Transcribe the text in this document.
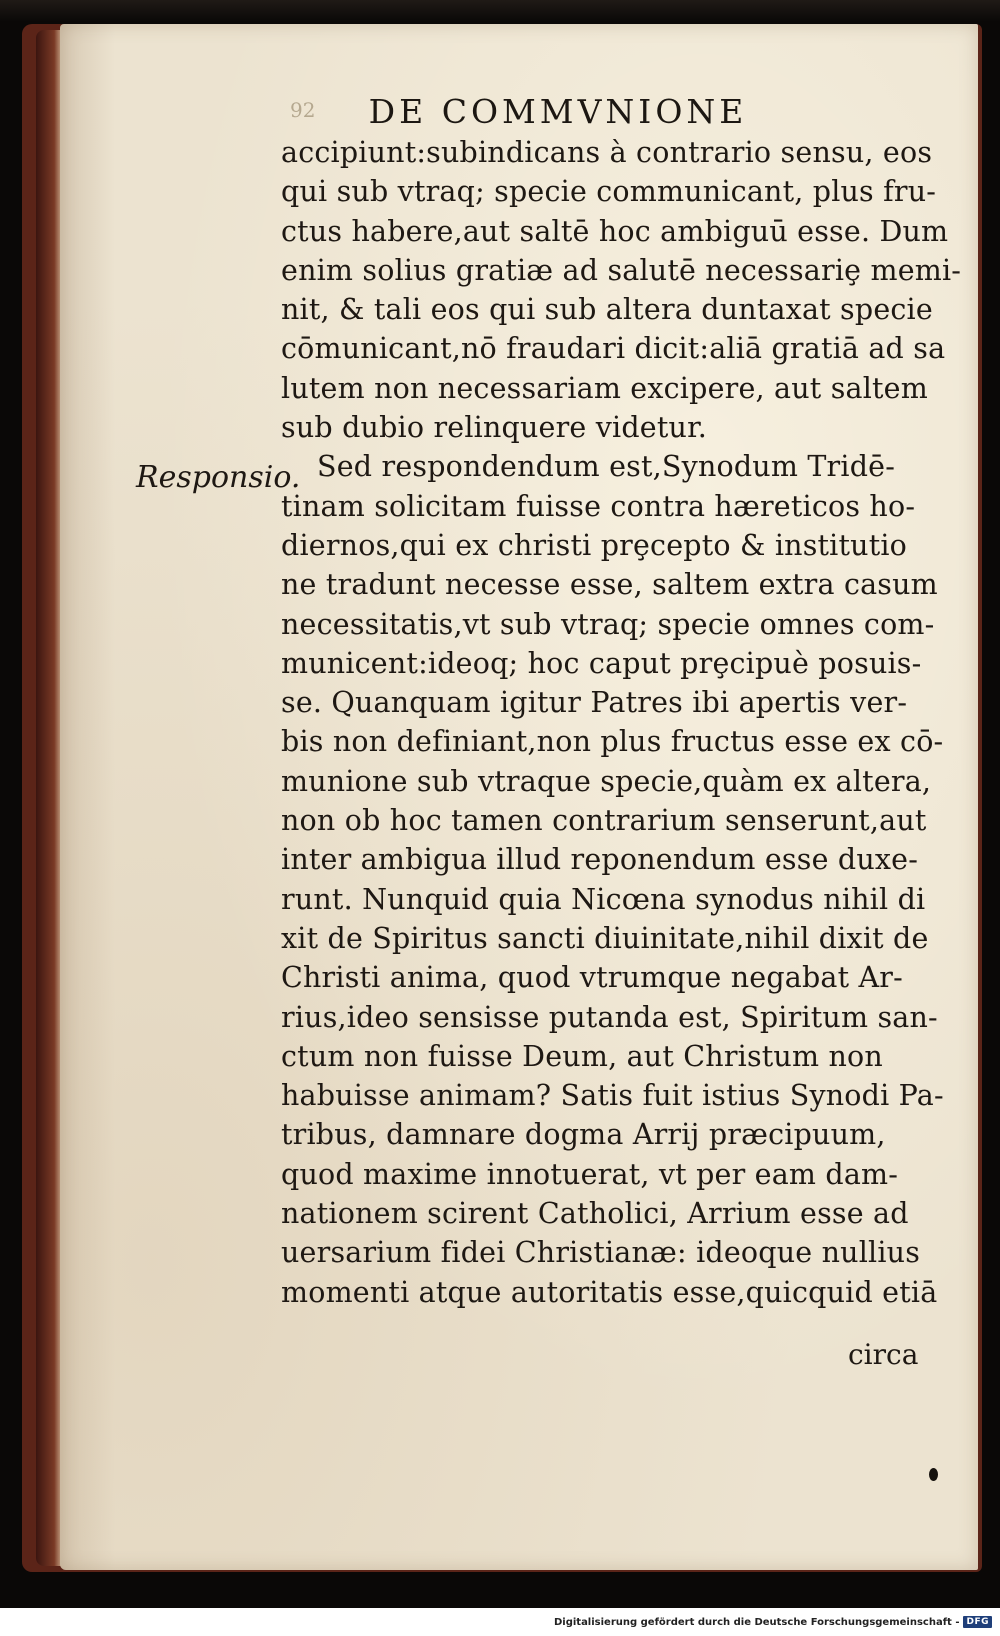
92	DE COMMVNIONE
Responsio.

accipiunt:subindicans à contrario sensu, eos

qui sub vtraq; specie communicant, plus fru-

ctus habere,aut saltē hoc ambiguū esse. Dum

enim solius gratiæ ad salutē necessariȩ memi-

nit, & tali eos qui sub altera duntaxat specie

cōmunicant,nō fraudari dicit:aliā gratiā ad sa

lutem non necessariam excipere, aut saltem

sub dubio relinquere videtur.

Sed respondendum est,Synodum Tridē-

tinam solicitam fuisse contra hæreticos ho-

diernos,qui ex christi prȩcepto & institutio

ne tradunt necesse esse, saltem extra casum

necessitatis,vt sub vtraq; specie omnes com-

municent:ideoq; hoc caput prȩcipuè posuis-

se. Quanquam igitur Patres ibi apertis ver-

bis non definiant,non plus fructus esse ex cō-

munione sub vtraque specie,quàm ex altera,

non ob hoc tamen contrarium senserunt,aut

inter ambigua illud reponendum esse duxe-

runt. Nunquid quia Nicœna synodus nihil di

xit de Spiritus sancti diuinitate,nihil dixit de

Christi anima, quod vtrumque negabat Ar-

rius,ideo sensisse putanda est, Spiritum san-

ctum non fuisse Deum, aut Christum non

habuisse animam? Satis fuit istius Synodi Pa-

tribus, damnare dogma Arrij præcipuum,

quod maxime innotuerat, vt per eam dam-

nationem scirent Catholici, Arrium esse ad

uersarium fidei Christianæ: ideoque nullius

momenti atque autoritatis esse,quicquid etiā

circa
Digitalisierung gefördert durch die Deutsche Forschungsgemeinschaft - DFG
